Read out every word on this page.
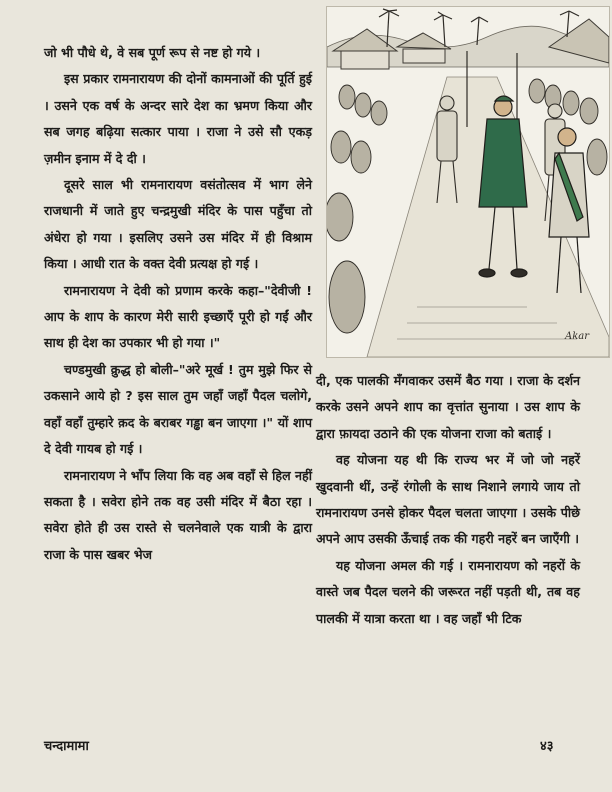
जो भी पौधे थे, वे सब पूर्ण रूप से नष्ट हो गये ।

इस प्रकार रामनारायण की दोनों कामनाओं की पूर्ति हुई । उसने एक वर्ष के अन्दर सारे देश का भ्रमण किया और सब जगह बढ़िया सत्कार पाया । राजा ने उसे सौ एकड़ ज़मीन इनाम में दे दी ।

दूसरे साल भी रामनारायण वसंतोत्सव में भाग लेने राजधानी में जाते हुए चन्द्रमुखी मंदिर के पास पहुँचा तो अंधेरा हो गया । इसलिए उसने उस मंदिर में ही विश्राम किया । आधी रात के वक्त देवी प्रत्यक्ष हो गई ।

रामनारायण ने देवी को प्रणाम करके कहा–"देवीजी ! आप के शाप के कारण मेरी सारी इच्छाएँ पूरी हो गईं और साथ ही देश का उपकार भी हो गया ।"

चण्डमुखी क्रुद्ध हो बोली–"अरे मूर्ख ! तुम मुझे फिर से उकसाने आये हो ? इस साल तुम जहाँ जहाँ पैदल चलोगे, वहाँ वहाँ तुम्हारे क़द के बराबर गड्ढा बन जाएगा ।" यों शाप दे देवी गायब हो गई ।

रामनारायण ने भाँप लिया कि वह अब वहाँ से हिल नहीं सकता है । सवेरा होने तक वह उसी मंदिर में बैठा रहा । सवेरा होते ही उस रास्ते से चलनेवाले एक यात्री के द्वारा राजा के पास खबर भेज

Akar

दी, एक पालकी मँगवाकर उसमें बैठ गया । राजा के दर्शन करके उसने अपने शाप का वृत्तांत सुनाया । उस शाप के द्वारा फ़ायदा उठाने की एक योजना राजा को बताई ।

वह योजना यह थी कि राज्य भर में जो जो नहरें खुदवानी थीं, उन्हें रंगोली के साथ निशाने लगाये जाय तो रामनारायण उनसे होकर पैदल चलता जाएगा । उसके पीछे अपने आप उसकी ऊँचाई तक की गहरी नहरें बन जाएँगी ।

यह योजना अमल की गई । रामनारायण को नहरों के वास्ते जब पैदल चलने की जरूरत नहीं पड़ती थी, तब वह पालकी में यात्रा करता था । वह जहाँ भी टिक

चन्दामामा	४३
